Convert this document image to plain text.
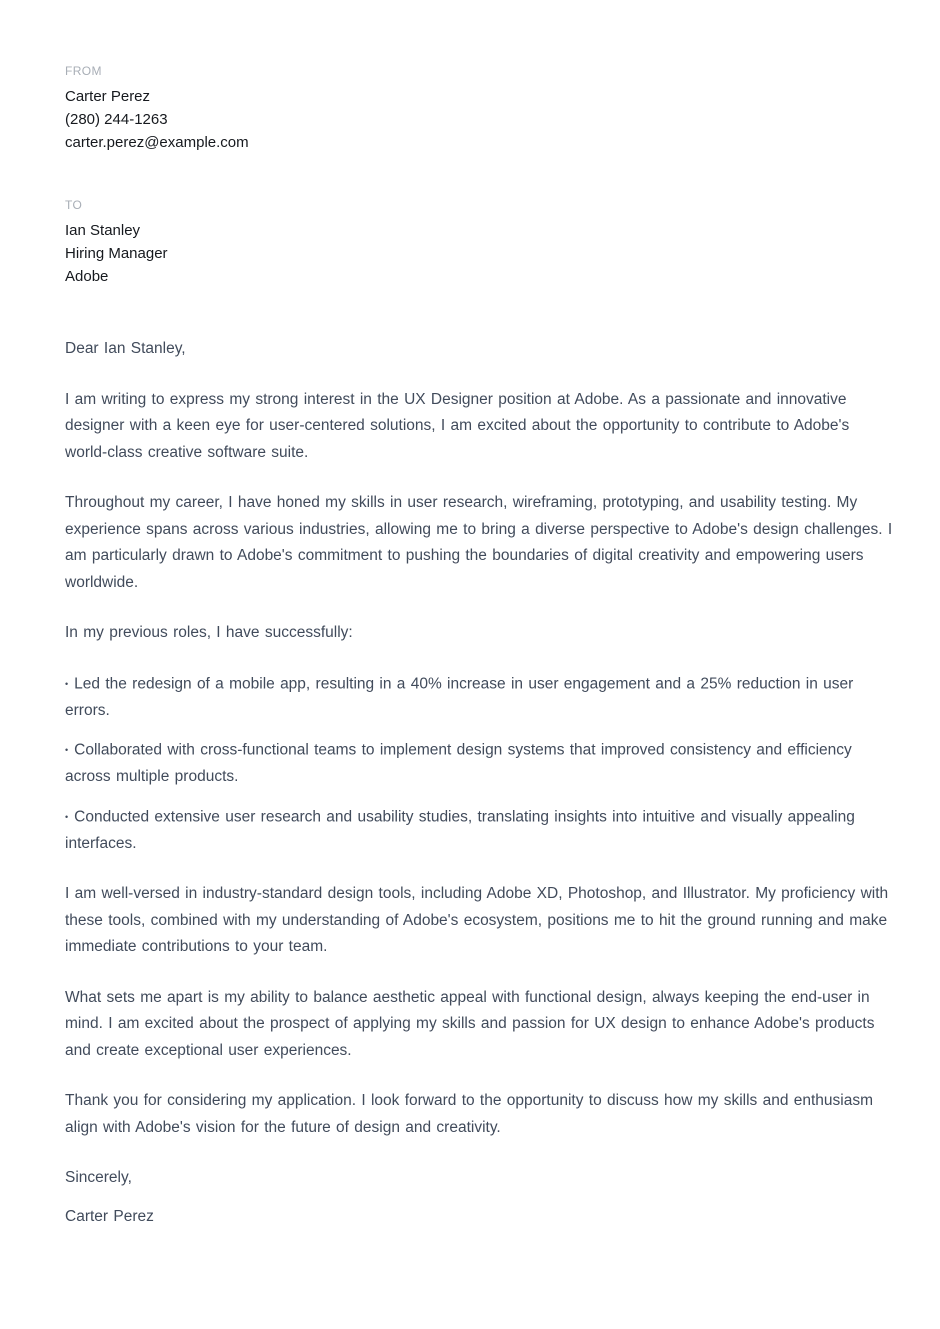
FROM
Carter Perez
(280) 244-1263
carter.perez@example.com
TO
Ian Stanley
Hiring Manager
Adobe

Dear Ian Stanley,

I am writing to express my strong interest in the UX Designer position at Adobe. As a passionate and innovative designer with a keen eye for user-centered solutions, I am excited about the opportunity to contribute to Adobe's world-class creative software suite.

Throughout my career, I have honed my skills in user research, wireframing, prototyping, and usability testing. My experience spans across various industries, allowing me to bring a diverse perspective to Adobe's design challenges. I am particularly drawn to Adobe's commitment to pushing the boundaries of digital creativity and empowering users worldwide.

In my previous roles, I have successfully:

• Led the redesign of a mobile app, resulting in a 40% increase in user engagement and a 25% reduction in user errors.

• Collaborated with cross-functional teams to implement design systems that improved consistency and efficiency across multiple products.

• Conducted extensive user research and usability studies, translating insights into intuitive and visually appealing interfaces.

I am well-versed in industry-standard design tools, including Adobe XD, Photoshop, and Illustrator. My proficiency with these tools, combined with my understanding of Adobe's ecosystem, positions me to hit the ground running and make immediate contributions to your team.

What sets me apart is my ability to balance aesthetic appeal with functional design, always keeping the end-user in mind. I am excited about the prospect of applying my skills and passion for UX design to enhance Adobe's products and create exceptional user experiences.

Thank you for considering my application. I look forward to the opportunity to discuss how my skills and enthusiasm align with Adobe's vision for the future of design and creativity.

Sincerely,

Carter Perez
